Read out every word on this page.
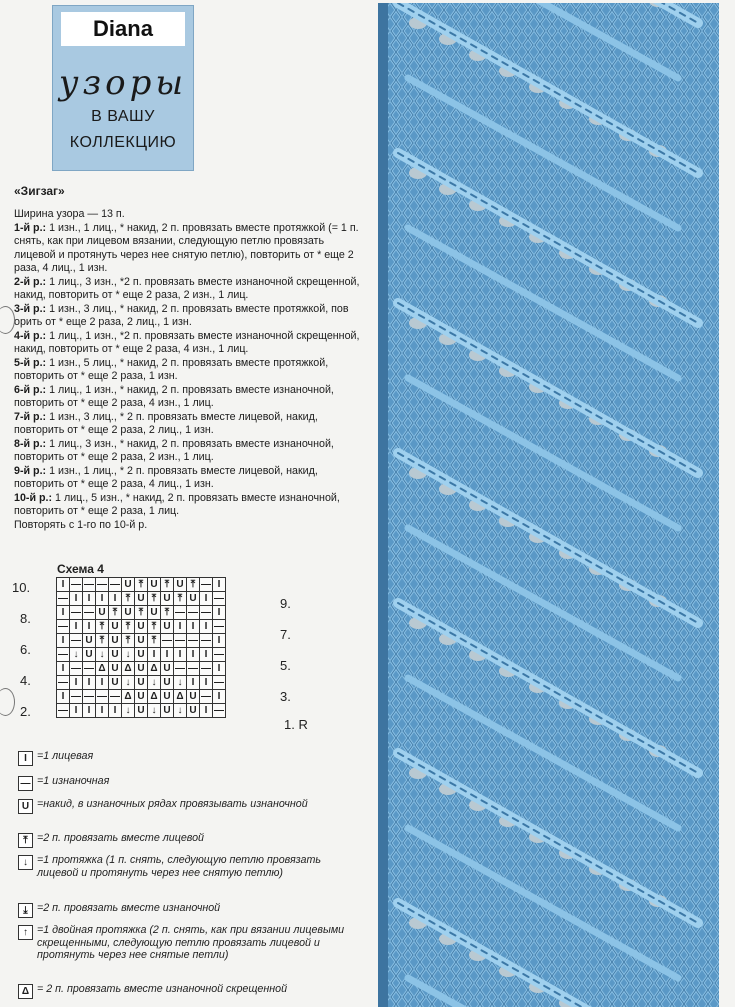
Diana
узоры
В ВАШУ
КОЛЛЕКЦИЮ
«Зигзаг»

Ширина узора — 13 п.

1-й р.: 1 изн., 1 лиц., * накид, 2 п. провязать вместе протяжкой (= 1 п. снять, как при лицевом вязании, следующую петлю провязать лицевой и протянуть через нее снятую петлю), повторить от * еще 2 раза, 4 лиц., 1 изн.

2-й р.: 1 лиц., 3 изн., *2 п. провязать вместе изнаночной скрещенной, накид, повторить от * еще 2 раза, 2 изн., 1 лиц.

3-й р.: 1 изн., 3 лиц., * накид, 2 п. провязать вместе протяжкой, пов орить от * еще 2 раза, 2 лиц., 1 изн.

4-й р.: 1 лиц., 1 изн., *2 п. провязать вместе изнаночной скрещенной, накид, повторить от * еще 2 раза, 4 изн., 1 лиц.

5-й р.: 1 изн., 5 лиц., * накид, 2 п. провязать вместе протяжкой, повторить от * еще 2 раза, 1 изн.

6-й р.: 1 лиц., 1 изн., * накид, 2 п. провязать вместе изнаночной, повторить от * еще 2 раза, 4 изн., 1 лиц.

7-й р.: 1 изн., 3 лиц., * 2 п. провязать вместе лицевой, накид, повторить от * еще 2 раза, 2 лиц., 1 изн.

8-й р.: 1 лиц., 3 изн., * накид, 2 п. провязать вместе изнаночной, повторить от * еще 2 раза, 2 изн., 1 лиц.

9-й р.: 1 изн., 1 лиц., * 2 п. провязать вместе лицевой, накид, повторить от * еще 2 раза, 4 лиц., 1 изн.

10-й р.: 1 лиц., 5 изн., * накид, 2 п. провязать вместе изнаночной, повторить от * еще 2 раза, 1 лиц.

Повторять с 1-го по 10-й р.

Схема 4
I	—	—	—	—	U	⤒	U	⤒	U	⤒	—	I
—	I	I	I	I	⤒	U	⤒	U	⤒	U	I	—
I	—	—	U	⤒	U	⤒	U	⤒	—	—	—	I
—	I	I	⤒	U	⤒	U	⤒	U	I	I	I	—
I	—	U	⤒	U	⤒	U	⤒	—	—	—	—	I
—	↓	U	↓	U	↓	U	I	I	I	I	I	—
I	—	—	Δ	U	Δ	U	Δ	U	—	—	—	I
—	I	I	I	U	↓	U	↓	U	↓	I	I	—
I	—	—	—	—	Δ	U	Δ	U	Δ	U	—	I
—	I	I	I	I	↓	U	↓	U	↓	U	I	—
10.
8.
6.
4.
2.
9.
7.
5.
3.
1. R
I =1 лицевая
— =1 изнаночная
U =накид, в изнаночных рядах провязывать изнаночной
⤒ =2 п. провязать вместе лицевой
↓ =1 протяжка (1 п. снять, следующую петлю провязать лицевой и протянуть через нее снятую петлю)
⤓ =2 п. провязать вместе изнаночной
↑ =1 двойная протяжка (2 п. снять, как при вязании лицевыми скрещенными, следующую петлю провязать лицевой и протянуть через нее снятые петли)
Δ = 2 п. провязать вместе изнаночной скрещенной
